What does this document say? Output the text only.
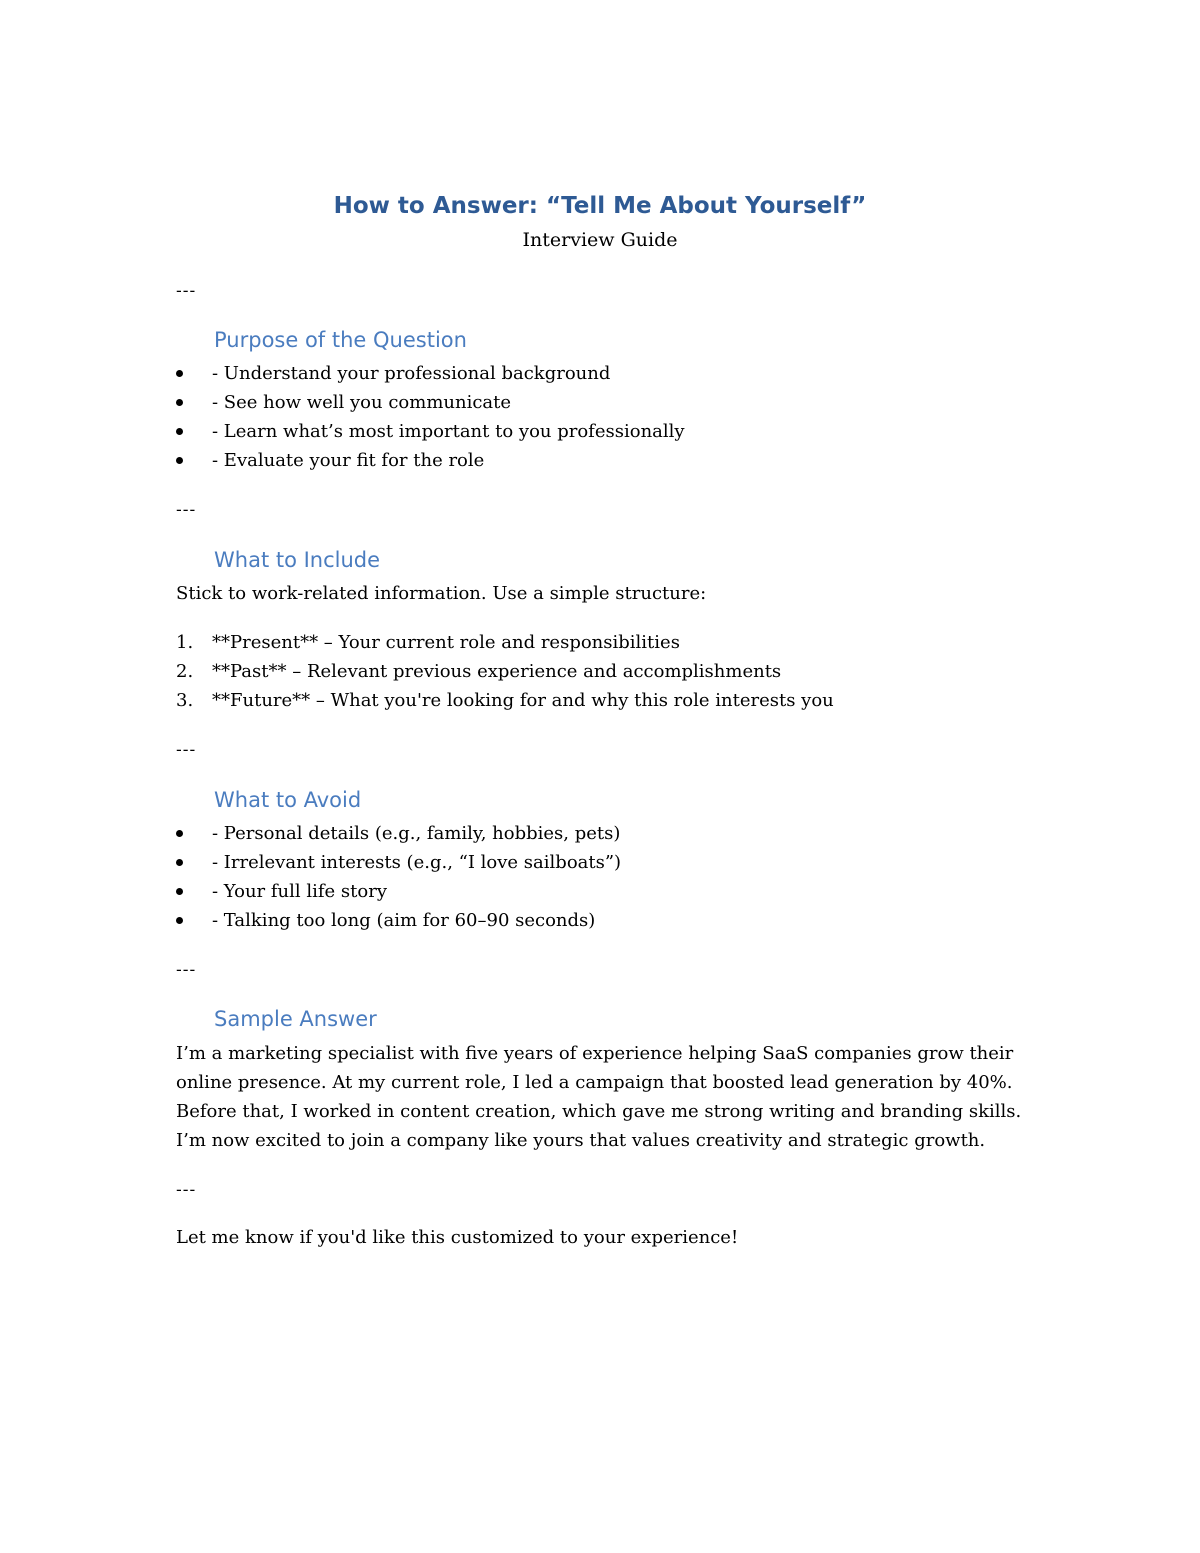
How to Answer: “Tell Me About Yourself”

Interview Guide

---
Purpose of the Question
- Understand your professional background
- See how well you communicate
- Learn what’s most important to you professionally
- Evaluate your fit for the role
---
What to Include

Stick to work-related information. Use a simple structure:

1. **Present** – Your current role and responsibilities
2. **Past** – Relevant previous experience and accomplishments
3. **Future** – What you're looking for and why this role interests you
---
What to Avoid
- Personal details (e.g., family, hobbies, pets)
- Irrelevant interests (e.g., “I love sailboats”)
- Your full life story
- Talking too long (aim for 60–90 seconds)
---
Sample Answer

I’m a marketing specialist with five years of experience helping SaaS companies grow their online presence. At my current role, I led a campaign that boosted lead generation by 40%. Before that, I worked in content creation, which gave me strong writing and branding skills. I’m now excited to join a company like yours that values creativity and strategic growth.

---

Let me know if you'd like this customized to your experience!
